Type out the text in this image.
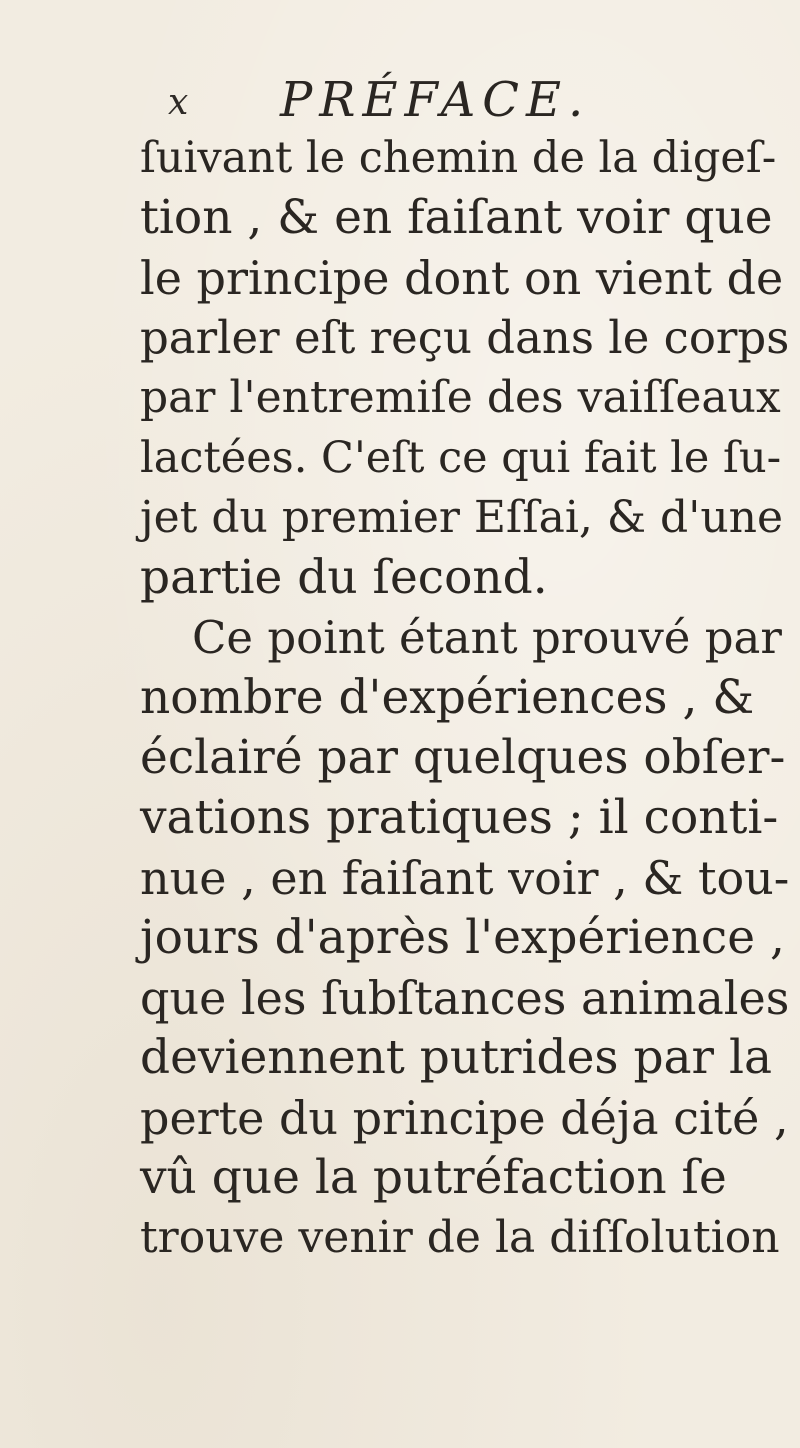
x PRÉFACE.
ſuivant le chemin de la digeſ-
tion , & en faiſant voir que
le principe dont on vient de
parler eſt reçu dans le corps
par l'entremiſe des vaiſſeaux
lactées. C'eſt ce qui fait le ſu-
jet du premier Eſſai, & d'une
partie du ſecond.
Ce point étant prouvé par
nombre d'expériences , &
éclairé par quelques obſer-
vations pratiques ; il conti-
nue , en faiſant voir , & tou-
jours d'après l'expérience ,
que les ſubſtances animales
deviennent putrides par la
perte du principe déja cité ,
vû que la putréfaction ſe
trouve venir de la diſſolution
